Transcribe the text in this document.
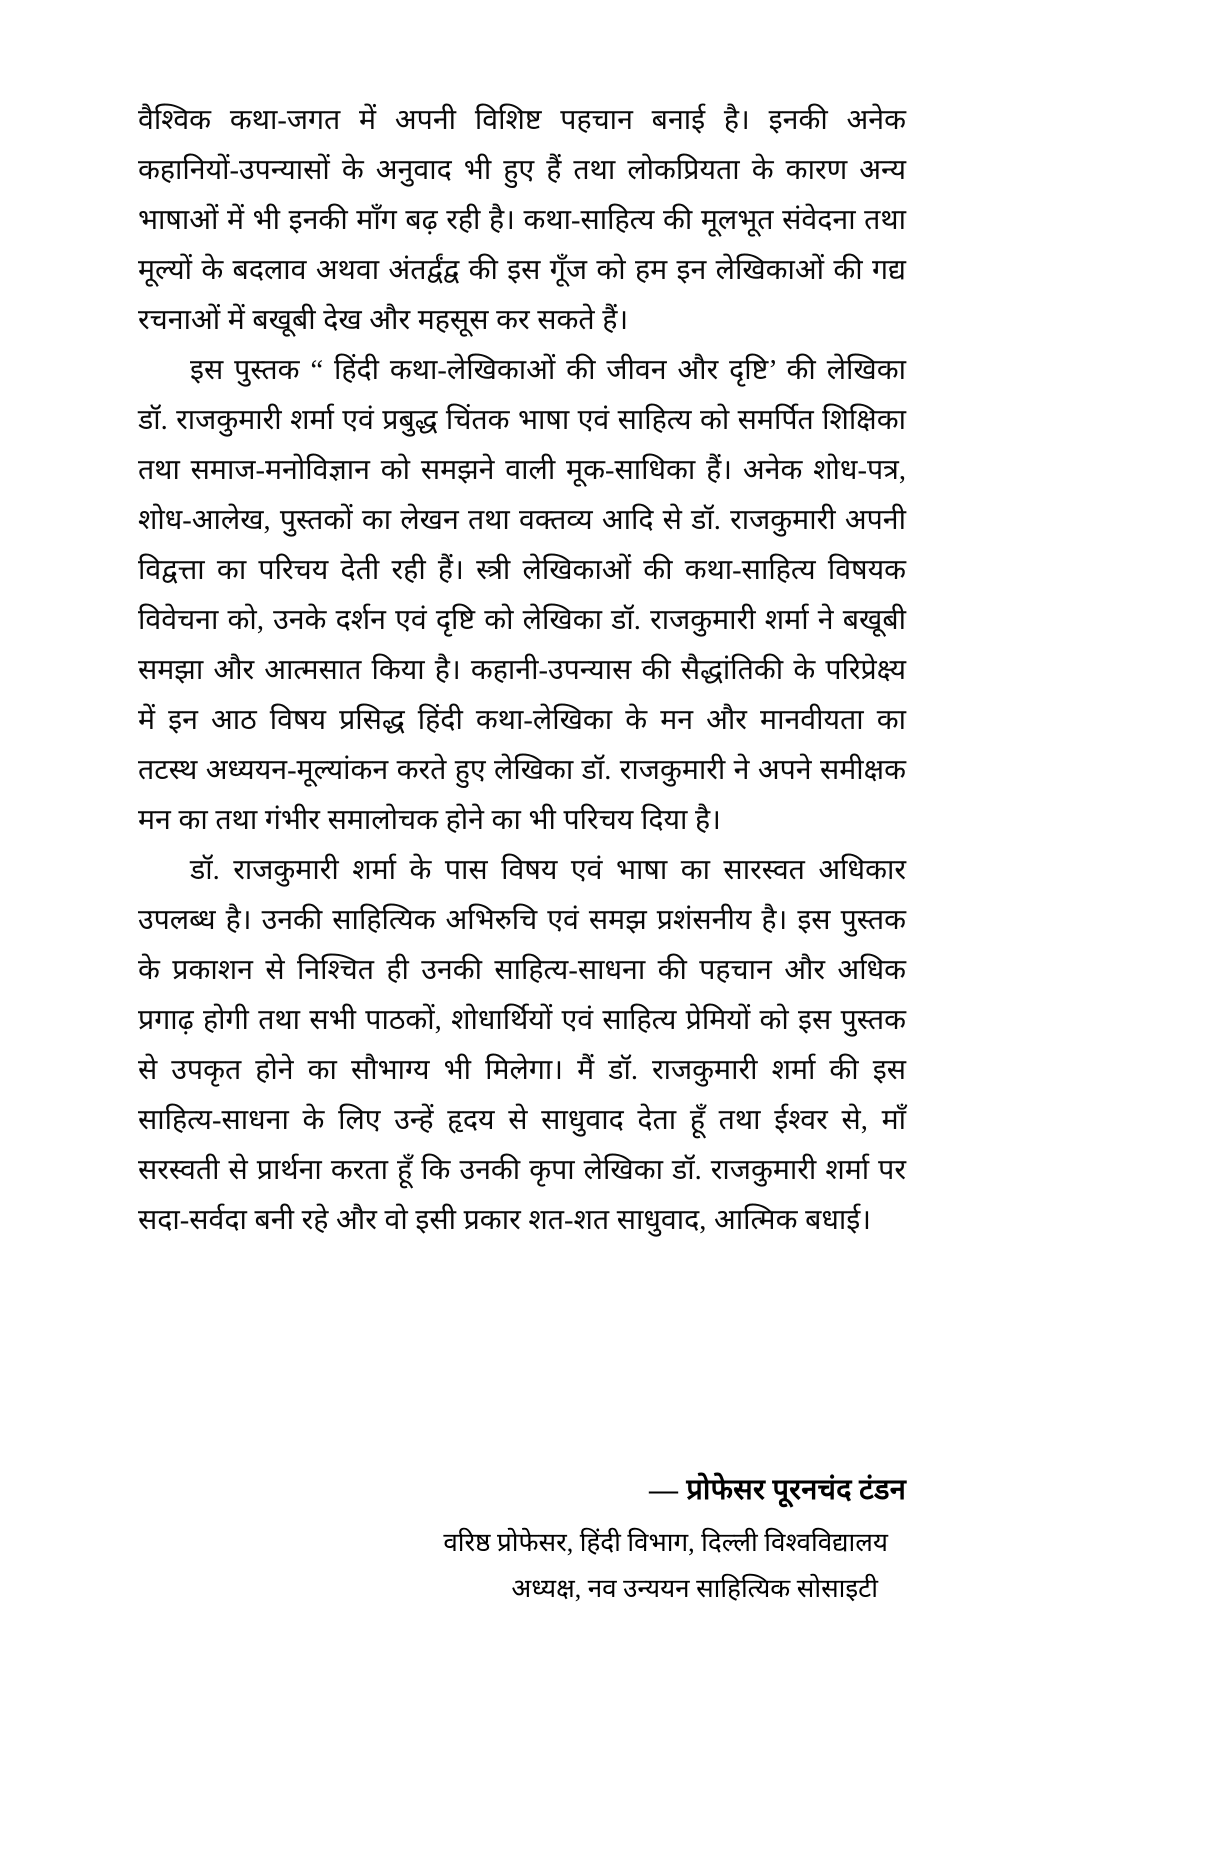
वैश्विक कथा-जगत में अपनी विशिष्ट पहचान बनाई है। इनकी अनेक कहानियों-उपन्यासों के अनुवाद भी हुए हैं तथा लोकप्रियता के कारण अन्य भाषाओं में भी इनकी माँग बढ़ रही है। कथा-साहित्य की मूलभूत संवेदना तथा मूल्यों के बदलाव अथवा अंतर्द्वंद्व की इस गूँज को हम इन लेखिकाओं की गद्य रचनाओं में बखूबी देख और महसूस कर सकते हैं।

इस पुस्तक “ हिंदी कथा-लेखिकाओं की जीवन और दृष्टि’ की लेखिका डॉ. राजकुमारी शर्मा एवं प्रबुद्ध चिंतक भाषा एवं साहित्य को समर्पित शिक्षिका तथा समाज-मनोविज्ञान को समझने वाली मूक-साधिका हैं। अनेक शोध-पत्र, शोध-आलेख, पुस्तकों का लेखन तथा वक्तव्य आदि से डॉ. राजकुमारी अपनी विद्वत्ता का परिचय देती रही हैं। स्त्री लेखिकाओं की कथा-साहित्य विषयक विवेचना को, उनके दर्शन एवं दृष्टि को लेखिका डॉ. राजकुमारी शर्मा ने बखूबी समझा और आत्मसात किया है। कहानी-उपन्यास की सैद्धांतिकी के परिप्रेक्ष्य में इन आठ विषय प्रसिद्ध हिंदी कथा-लेखिका के मन और मानवीयता का तटस्थ अध्ययन-मूल्यांकन करते हुए लेखिका डॉ. राजकुमारी ने अपने समीक्षक मन का तथा गंभीर समालोचक होने का भी परिचय दिया है।

डॉ. राजकुमारी शर्मा के पास विषय एवं भाषा का सारस्वत अधिकार उपलब्ध है। उनकी साहित्यिक अभिरुचि एवं समझ प्रशंसनीय है। इस पुस्तक के प्रकाशन से निश्चित ही उनकी साहित्य-साधना की पहचान और अधिक प्रगाढ़ होगी तथा सभी पाठकों, शोधार्थियों एवं साहित्य प्रेमियों को इस पुस्तक से उपकृत होने का सौभाग्य भी मिलेगा। मैं डॉ. राजकुमारी शर्मा की इस साहित्य-साधना के लिए उन्हें हृदय से साधुवाद देता हूँ तथा ईश्वर से, माँ सरस्वती से प्रार्थना करता हूँ कि उनकी कृपा लेखिका डॉ. राजकुमारी शर्मा पर सदा-सर्वदा बनी रहे और वो इसी प्रकार शत-शत साधुवाद, आत्मिक बधाई।

— प्रोफेसर पूरनचंद टंडन

वरिष्ठ प्रोफेसर, हिंदी विभाग, दिल्ली विश्वविद्यालय

अध्यक्ष, नव उन्ययन साहित्यिक सोसाइटी
